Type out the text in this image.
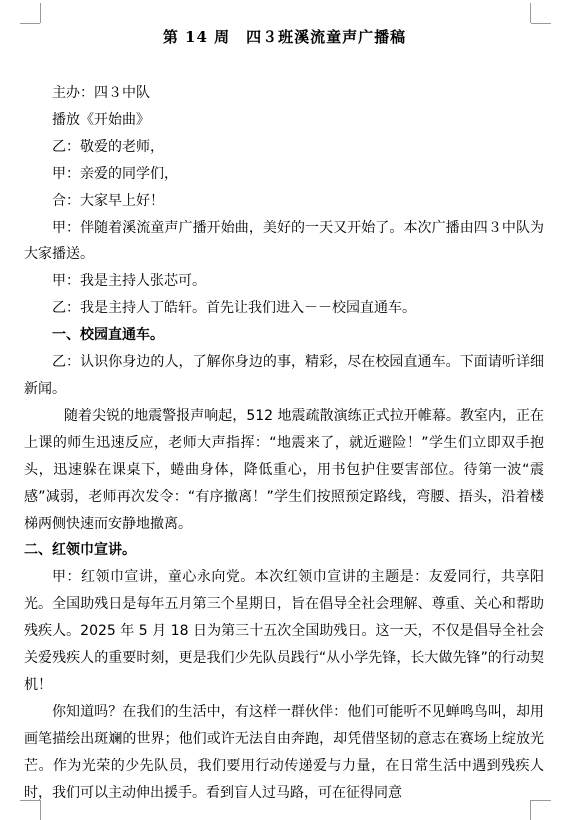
第 14 周　四３班溪流童声广播稿

主办：四３中队

播放《开始曲》

乙：敬爱的老师，

甲：亲爱的同学们，

合：大家早上好！

甲：伴随着溪流童声广播开始曲，美好的一天又开始了。本次广播由四３中队为大家播送。

甲：我是主持人张芯可。

乙：我是主持人丁皓轩。首先让我们进入－－校园直通车。

一、校园直通车。

乙：认识你身边的人，了解你身边的事，精彩，尽在校园直通车。下面请听详细新闻。

随着尖锐的地震警报声响起，512 地震疏散演练正式拉开帷幕。教室内，正在上课的师生迅速反应，老师大声指挥：“地震来了，就近避险！”学生们立即双手抱头，迅速躲在课桌下，蜷曲身体，降低重心，用书包护住要害部位。待第一波“震感”减弱，老师再次发令：“有序撤离！”学生们按照预定路线，弯腰、捂头，沿着楼梯两侧快速而安静地撤离。

二、红领巾宣讲。

甲：红领巾宣讲，童心永向党。本次红领巾宣讲的主题是：友爱同行，共享阳光。全国助残日是每年五月第三个星期日，旨在倡导全社会理解、尊重、关心和帮助残疾人。2025 年 5 月 18 日为第三十五次全国助残日。这一天，不仅是倡导全社会关爱残疾人的重要时刻，更是我们少先队员践行“从小学先锋，长大做先锋”的行动契机！

你知道吗？在我们的生活中，有这样一群伙伴：他们可能听不见蝉鸣鸟叫，却用画笔描绘出斑斓的世界；他们或许无法自由奔跑，却凭借坚韧的意志在赛场上绽放光芒。作为光荣的少先队员，我们要用行动传递爱与力量，在日常生活中遇到残疾人时，我们可以主动伸出援手。看到盲人过马路，可在征得同意
